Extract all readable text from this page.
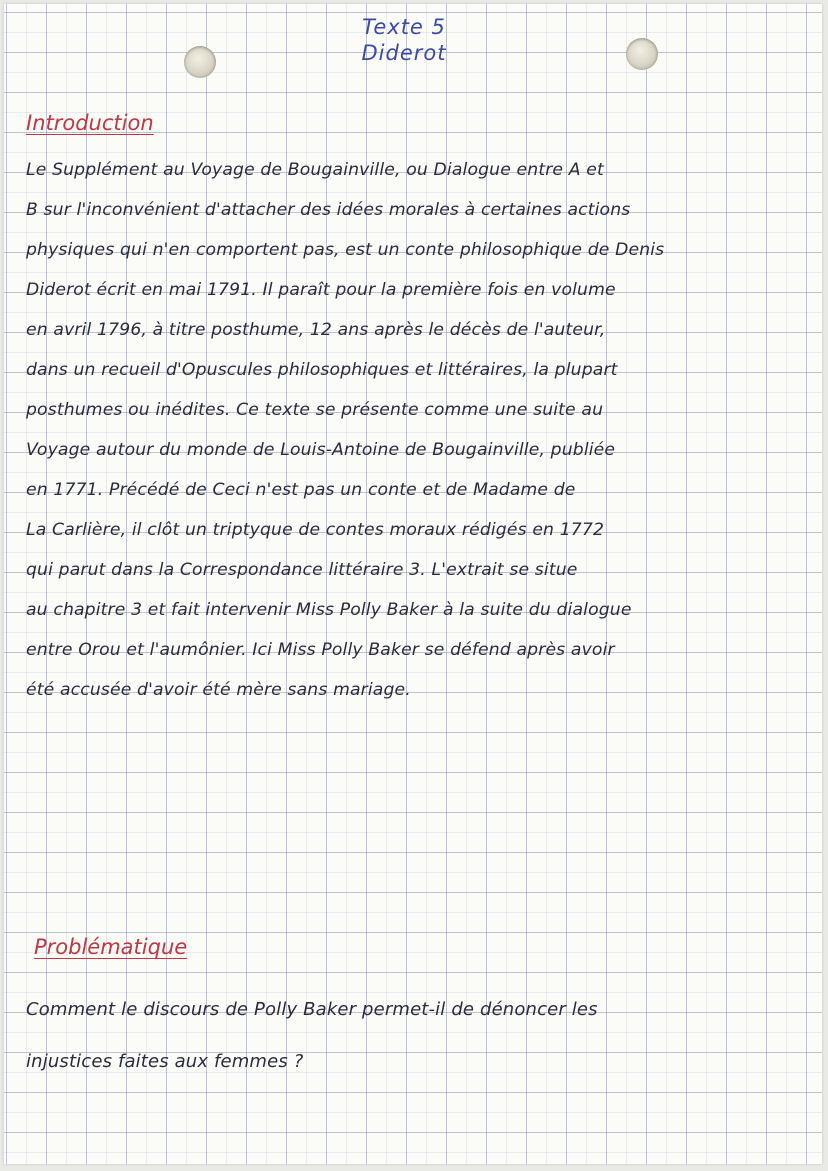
Texte 5
Diderot
Introduction
Le Supplément au Voyage de Bougainville, ou Dialogue entre A et
B sur l'inconvénient d'attacher des idées morales à certaines actions
physiques qui n'en comportent pas, est un conte philosophique de Denis
Diderot écrit en mai 1791. Il paraît pour la première fois en volume
en avril 1796, à titre posthume, 12 ans après le décès de l'auteur,
dans un recueil d'Opuscules philosophiques et littéraires, la plupart
posthumes ou inédites. Ce texte se présente comme une suite au
Voyage autour du monde de Louis-Antoine de Bougainville, publiée
en 1771. Précédé de Ceci n'est pas un conte et de Madame de
La Carlière, il clôt un triptyque de contes moraux rédigés en 1772
qui parut dans la Correspondance littéraire 3. L'extrait se situe
au chapitre 3 et fait intervenir Miss Polly Baker à la suite du dialogue
entre Orou et l'aumônier. Ici Miss Polly Baker se défend après avoir
été accusée d'avoir été mère sans mariage.
Problématique
Comment le discours de Polly Baker permet-il de dénoncer les
injustices faites aux femmes ?
